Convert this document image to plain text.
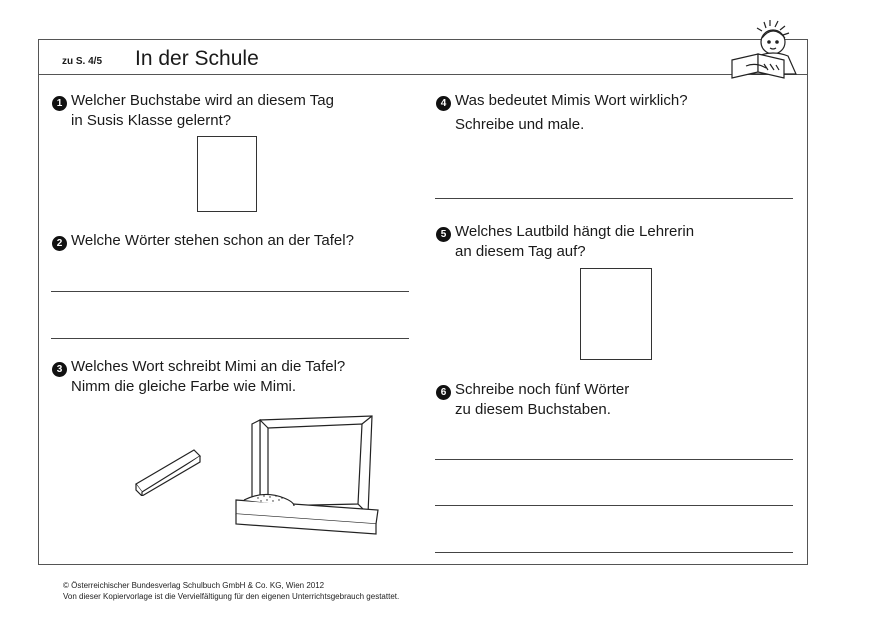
zu S. 4/5 In der Schule
1 Welcher Buchstabe wird an diesem Tag
in Susis Klasse gelernt?
2 Welche Wörter stehen schon an der Tafel?
3 Welches Wort schreibt Mimi an die Tafel?
Nimm die gleiche Farbe wie Mimi.
4 Was bedeutet Mimis Wort wirklich?
Schreibe und male.
5 Welches Lautbild hängt die Lehrerin
an diesem Tag auf?
6 Schreibe noch fünf Wörter
zu diesem Buchstaben.
© Österreichischer Bundesverlag Schulbuch GmbH & Co. KG, Wien 2012
Von dieser Kopiervorlage ist die Vervielfältigung für den eigenen Unterrichtsgebrauch gestattet.
